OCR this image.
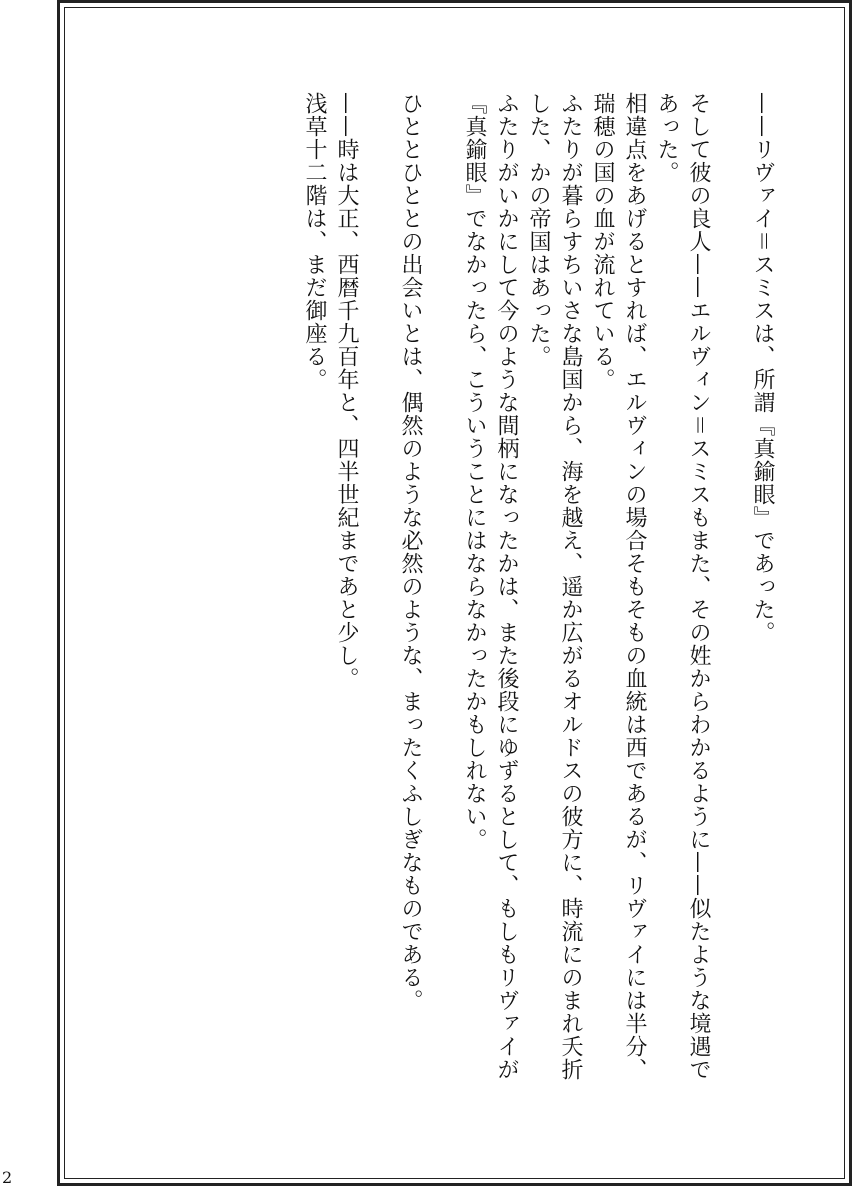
2

——リヴァイ＝スミスは、所謂『真鍮眼』であった。

そして彼の良人——エルヴィン＝スミスもまた、その姓からわかるように——似たような境遇であった。

相違点をあげるとすれば、エルヴィンの場合そもそもの血統は西であるが、リヴァイには半分、瑞穂の国の血が流れている。

ふたりが暮らすちいさな島国から、海を越え、遥か広がるオルドスの彼方に、時流にのまれ夭折した、かの帝国はあった。

ふたりがいかにして今のような間柄になったかは、また後段にゆずるとして、もしもリヴァイが『真鍮眼』でなかったら、こういうことにはならなかったかもしれない。

ひととひととの出会いとは、偶然のような必然のような、まったくふしぎなものである。

——時は大正、西暦千九百年と、四半世紀まであと少し。

浅草十二階は、まだ御座る。
